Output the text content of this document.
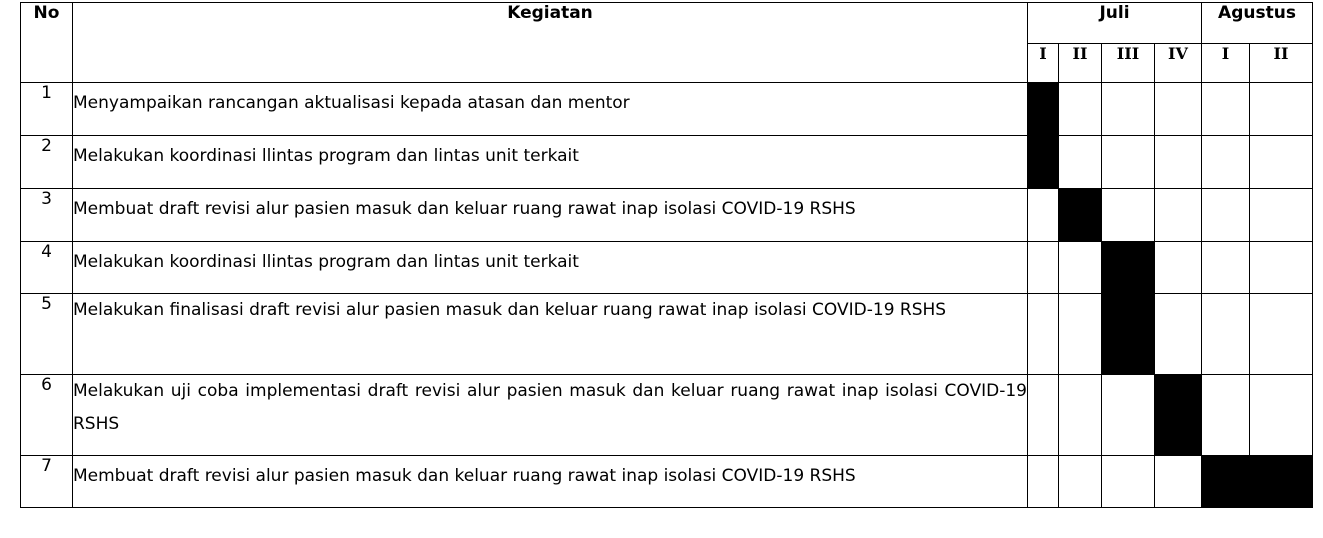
No	Kegiatan	Juli				Agustus	
		I	II	III	IV	I	II
1	Menyampaikan rancangan aktualisasi kepada atasan dan mentor						
2	Melakukan koordinasi llintas program dan lintas unit terkait						
3	Membuat draft revisi alur pasien masuk dan keluar ruang rawat inap isolasi COVID-19 RSHS						
4	Melakukan koordinasi llintas program dan lintas unit terkait						
5	Melakukan finalisasi draft revisi alur pasien masuk dan keluar ruang rawat inap isolasi COVID-19 RSHS						
6	Melakukan uji coba implementasi draft revisi alur pasien masuk dan keluar ruang rawat inap isolasi COVID-19 RSHS						
7	Membuat draft revisi alur pasien masuk dan keluar ruang rawat inap isolasi COVID-19 RSHS						
